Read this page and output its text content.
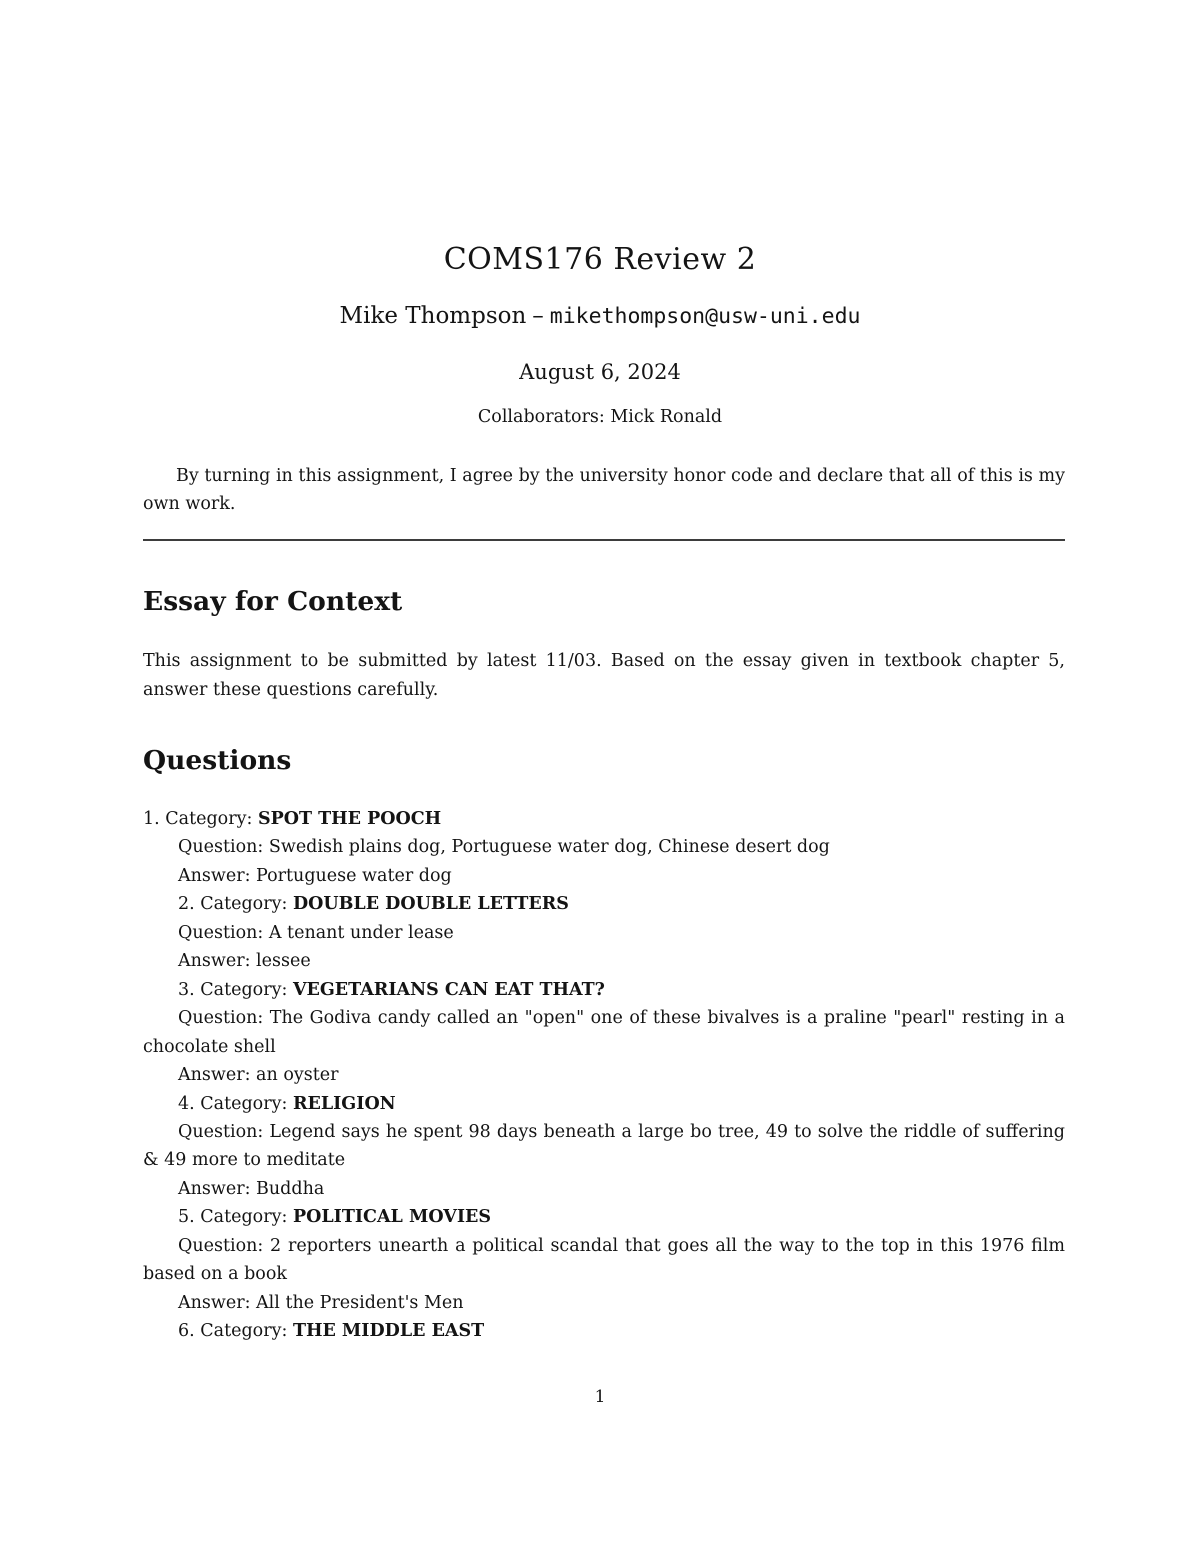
COMS176 Review 2
Mike Thompson – mikethompson@usw-uni.edu
August 6, 2024
Collaborators: Mick Ronald

By turning in this assignment, I agree by the university honor code and declare that all of this is my own work.

Essay for Context

This assignment to be submitted by latest 11/03. Based on the essay given in textbook chapter 5, answer these questions carefully.

Questions

1. Category: SPOT THE POOCH

Question: Swedish plains dog, Portuguese water dog, Chinese desert dog

Answer: Portuguese water dog

2. Category: DOUBLE DOUBLE LETTERS

Question: A tenant under lease

Answer: lessee

3. Category: VEGETARIANS CAN EAT THAT?

Question: The Godiva candy called an "open" one of these bivalves is a praline "pearl" resting in a chocolate shell

Answer: an oyster

4. Category: RELIGION

Question: Legend says he spent 98 days beneath a large bo tree, 49 to solve the riddle of suffering & 49 more to meditate

Answer: Buddha

5. Category: POLITICAL MOVIES

Question: 2 reporters unearth a political scandal that goes all the way to the top in this 1976 film based on a book

Answer: All the President's Men

6. Category: THE MIDDLE EAST

1
